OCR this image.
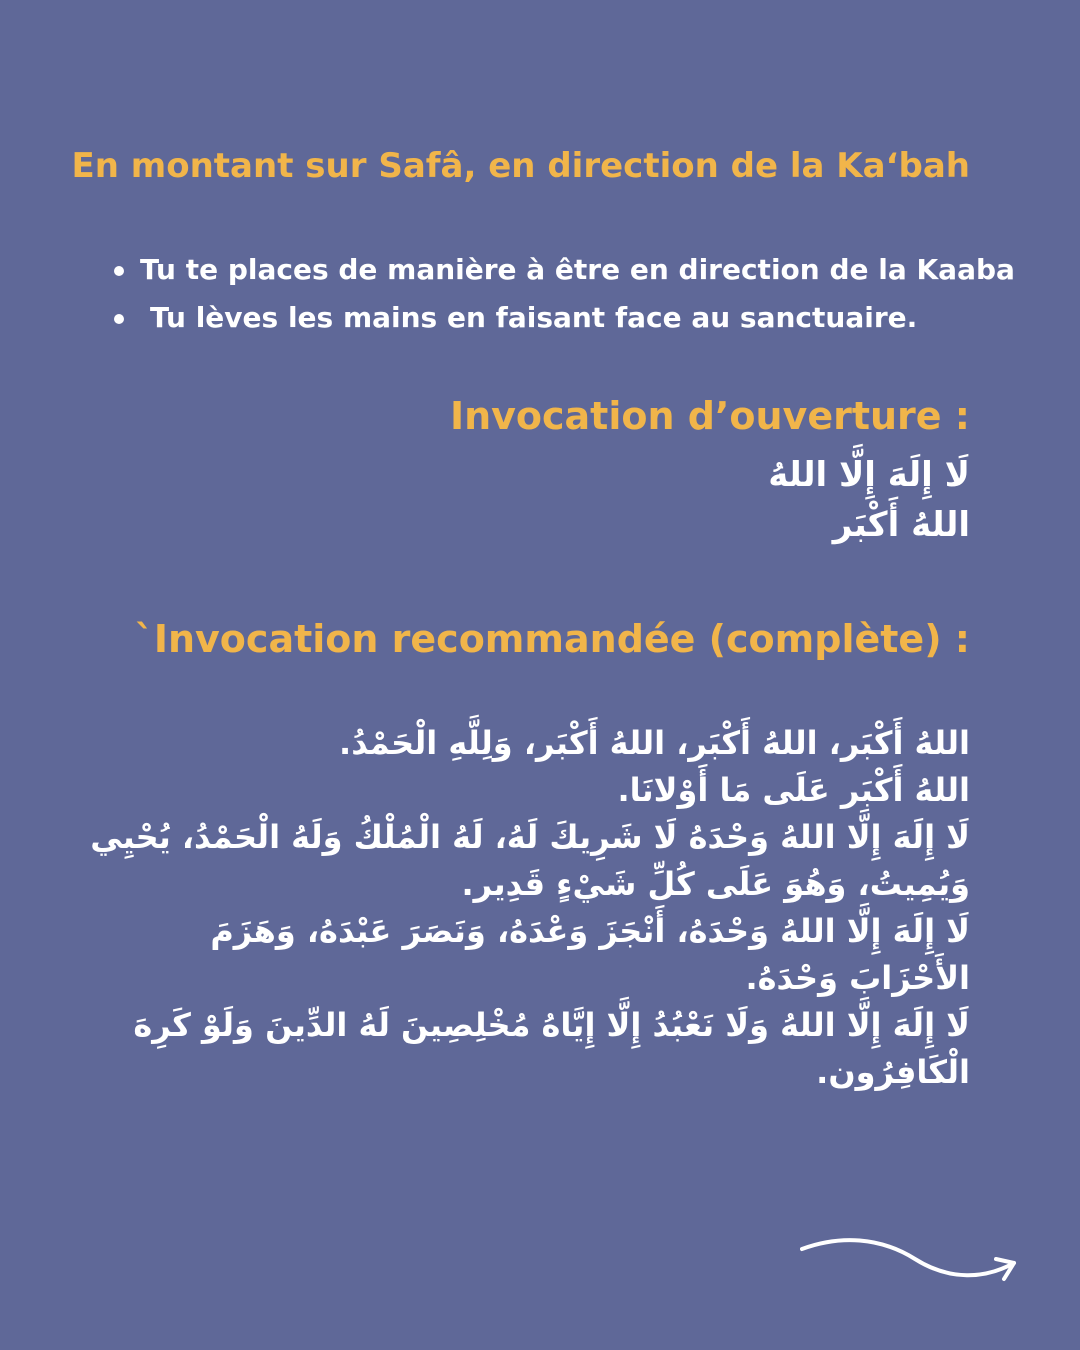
En montant sur Safâ, en direction de la Ka‘bah
Tu te places de manière à être en direction de la Kaaba
Tu lèves les mains en faisant face au sanctuaire.
Invocation d’ouverture :

لَا إِلَهَ إِلَّا اللهُ

اللهُ أَكْبَر

`Invocation recommandée (complète) :

اللهُ أَكْبَر، اللهُ أَكْبَر، اللهُ أَكْبَر، وَلِلَّهِ الْحَمْدُ.

اللهُ أَكْبَر عَلَى مَا أَوْلانَا.

لَا إِلَهَ إِلَّا اللهُ وَحْدَهُ لَا شَرِيكَ لَهُ، لَهُ الْمُلْكُ وَلَهُ الْحَمْدُ، يُحْيِي وَيُمِيتُ، وَهُوَ عَلَى كُلِّ شَيْءٍ قَدِير.

لَا إِلَهَ إِلَّا اللهُ وَحْدَهُ، أَنْجَزَ وَعْدَهُ، وَنَصَرَ عَبْدَهُ، وَهَزَمَ الأَحْزَابَ وَحْدَهُ.

لَا إِلَهَ إِلَّا اللهُ وَلَا نَعْبُدُ إِلَّا إِيَّاهُ مُخْلِصِينَ لَهُ الدِّينَ وَلَوْ كَرِهَ الْكَافِرُون.
